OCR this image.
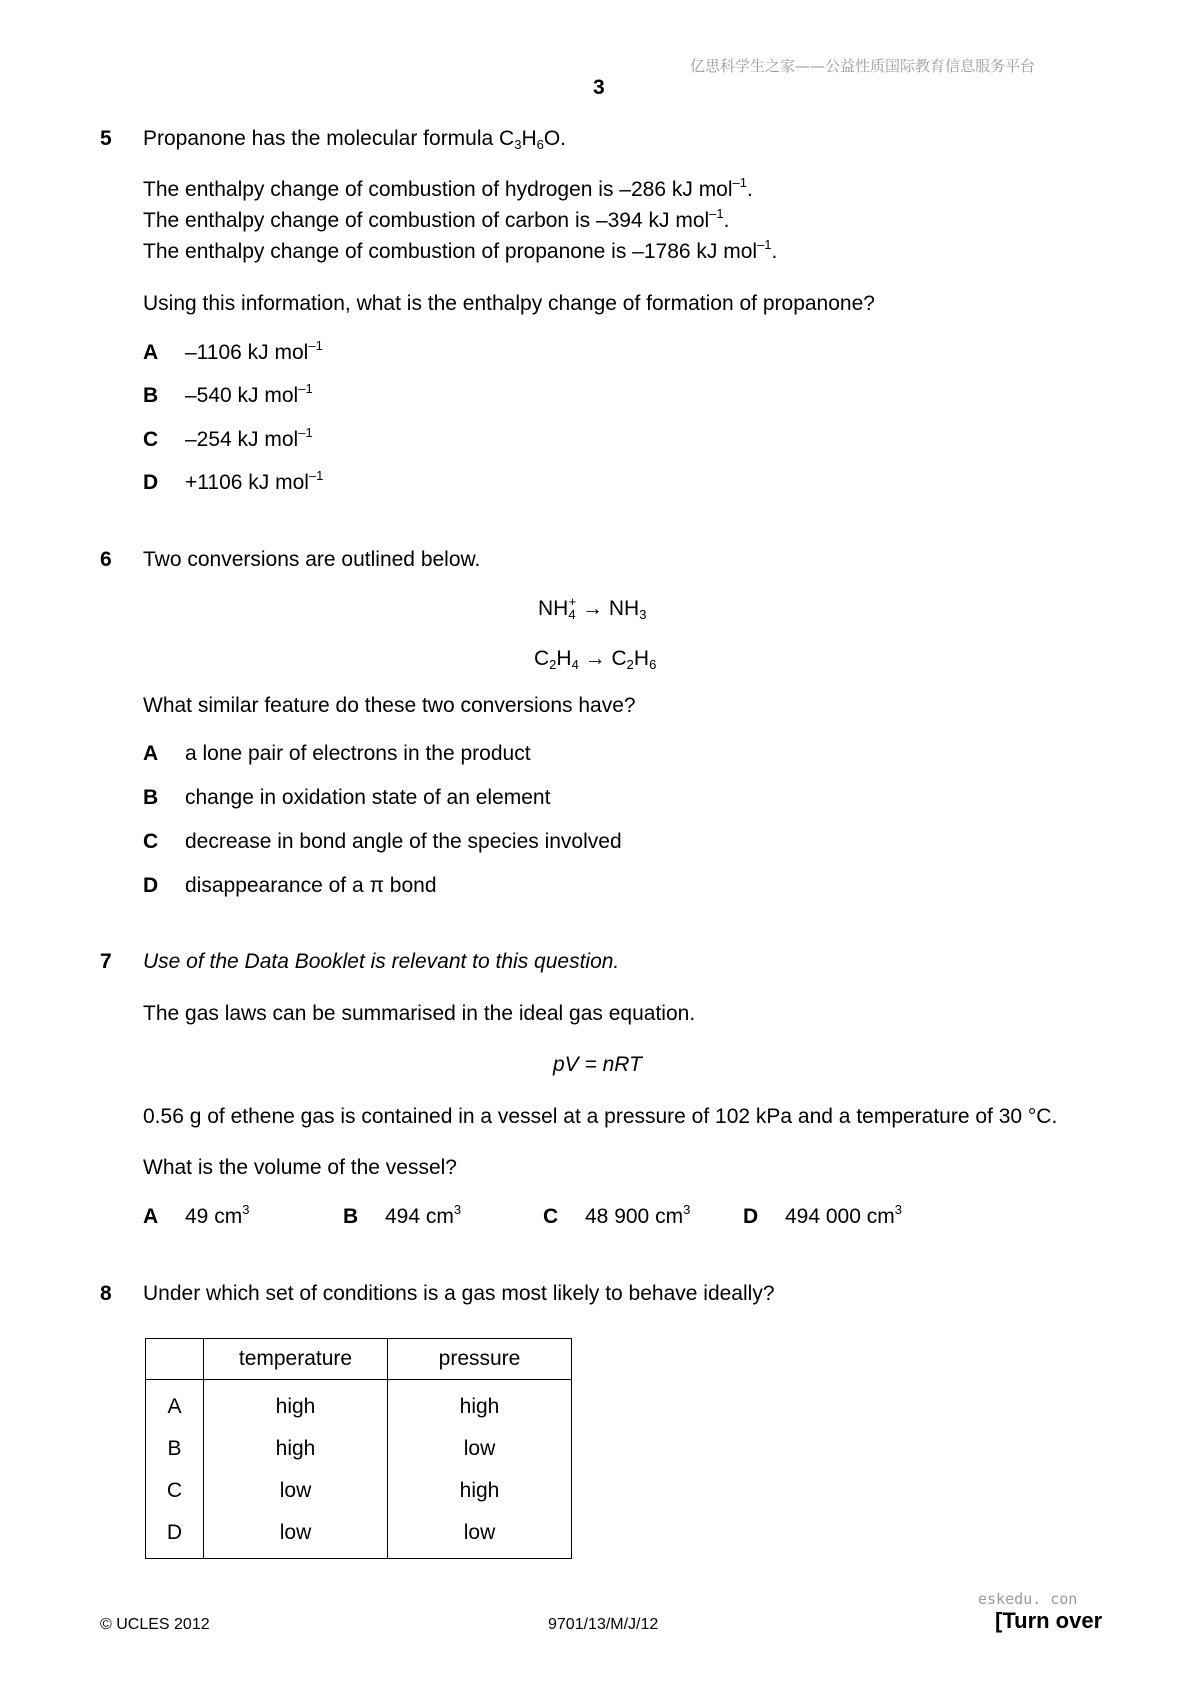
亿思科学生之家——公益性质国际教育信息服务平台
3
5 Propanone has the molecular formula $C_3H_6O$.
The enthalpy change of combustion of hydrogen is –286 kJ mol$^{-1}$.
The enthalpy change of combustion of carbon is –394 kJ mol$^{-1}$.
The enthalpy change of combustion of propanone is –1786 kJ mol$^{-1}$.
Using this information, what is the enthalpy change of formation of propanone?
A –1106 kJ mol$^{-1}$
B –540 kJ mol$^{-1}$
C –254 kJ mol$^{-1}$
D +1106 kJ mol$^{-1}$
6 Two conversions are outlined below.
$NH_4^+ \to NH_3$
$C_2H_4 \to C_2H_6$
What similar feature do these two conversions have?
A a lone pair of electrons in the product
B change in oxidation state of an element
C decrease in bond angle of the species involved
D disappearance of a π bond
7 Use of the Data Booklet is relevant to this question.
The gas laws can be summarised in the ideal gas equation.
pV = nRT
0.56 g of ethene gas is contained in a vessel at a pressure of 102 kPa and a temperature of 30 °C.
What is the volume of the vessel?
A 49 $cm^3$	B 494 $cm^3$	C 48 900 $cm^3$	D 494 000 $cm^3$
8 Under which set of conditions is a gas most likely to behave ideally?
	temperature	pressure
A	high	high
B	high	low
C	low	high
D	low	low
eskedu. con
© UCLES 2012	9701/13/M/J/12	[Turn over
